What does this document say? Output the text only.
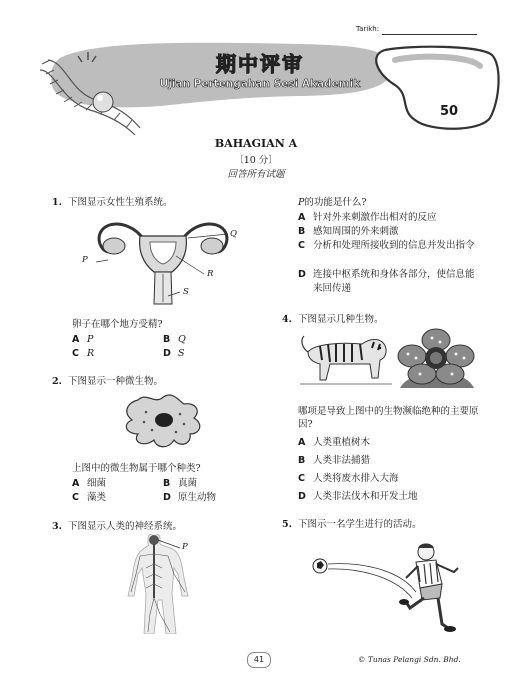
Tarikh:
期中评审
Ujian Pertengahan Sesi Akademik
50
BAHAGIAN A
〔10 分〕
回答所有试题
1. 下图显示女性生殖系统。
P
Q
R
S
卵子在哪个地方受精?
A P	B Q
C R	D S
2. 下图显示一种微生物。
上图中的微生物属于哪个种类?
A 细菌	B 真菌
C 藻类	D 原生动物
3. 下图显示人类的神经系统。
P
P的功能是什么?
A 针对外来刺激作出相对的反应
B 感知周围的外来刺激
C 分析和处理所接收到的信息并发出指令
D 连接中枢系统和身体各部分，使信息能来回传递
4. 下图显示几种生物。
哪项是导致上图中的生物濒临绝种的主要原因?
A 人类重植树木
B 人类非法捕猎
C 人类将废水排入大海
D 人类非法伐木和开发土地
5. 下图示一名学生进行的活动。
41	© Tunas Pelangi Sdn. Bhd.
